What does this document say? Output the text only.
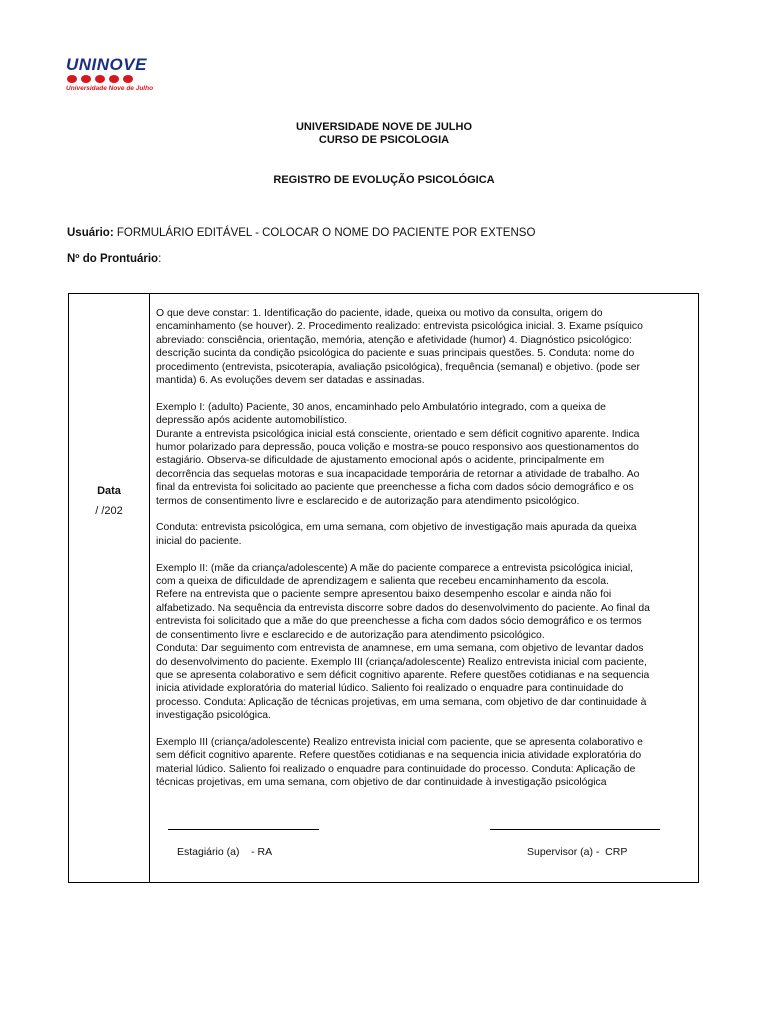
UNINOVE
Universidade Nove de Julho
UNIVERSIDADE NOVE DE JULHO
CURSO DE PSICOLOGIA
REGISTRO DE EVOLUÇÃO PSICOLÓGICA
Usuário: FORMULÁRIO EDITÁVEL - COLOCAR O NOME DO PACIENTE POR EXTENSO
Nº do Prontuário:
Data
/ /202

O que deve constar: 1. Identificação do paciente, idade, queixa ou motivo da consulta, origem do
encaminhamento (se houver). 2. Procedimento realizado: entrevista psicológica inicial. 3. Exame psíquico
abreviado: consciência, orientação, memória, atenção e afetividade (humor) 4. Diagnóstico psicológico:
descrição sucinta da condição psicológica do paciente e suas principais questões. 5. Conduta: nome do
procedimento (entrevista, psicoterapia, avaliação psicológica), frequência (semanal) e objetivo. (pode ser
mantida) 6. As evoluções devem ser datadas e assinadas.

Exemplo I: (adulto) Paciente, 30 anos, encaminhado pelo Ambulatório integrado, com a queixa de
depressão após acidente automobilístico.
Durante a entrevista psicológica inicial está consciente, orientado e sem déficit cognitivo aparente. Indica
humor polarizado para depressão, pouca volição e mostra-se pouco responsivo aos questionamentos do
estagiário. Observa-se dificuldade de ajustamento emocional após o acidente, principalmente em
decorrência das sequelas motoras e sua incapacidade temporária de retornar a atividade de trabalho. Ao
final da entrevista foi solicitado ao paciente que preenchesse a ficha com dados sócio demográfico e os
termos de consentimento livre e esclarecido e de autorização para atendimento psicológico.

Conduta: entrevista psicológica, em uma semana, com objetivo de investigação mais apurada da queixa
inicial do paciente.

Exemplo II: (mãe da criança/adolescente) A mãe do paciente comparece a entrevista psicológica inicial,
com a queixa de dificuldade de aprendizagem e salienta que recebeu encaminhamento da escola.
Refere na entrevista que o paciente sempre apresentou baixo desempenho escolar e ainda não foi
alfabetizado. Na sequência da entrevista discorre sobre dados do desenvolvimento do paciente. Ao final da
entrevista foi solicitado que a mãe do que preenchesse a ficha com dados sócio demográfico e os termos
de consentimento livre e esclarecido e de autorização para atendimento psicológico.
Conduta: Dar seguimento com entrevista de anamnese, em uma semana, com objetivo de levantar dados
do desenvolvimento do paciente. Exemplo III (criança/adolescente) Realizo entrevista inicial com paciente,
que se apresenta colaborativo e sem déficit cognitivo aparente. Refere questões cotidianas e na sequencia
inicia atividade exploratória do material lúdico. Saliento foi realizado o enquadre para continuidade do
processo. Conduta: Aplicação de técnicas projetivas, em uma semana, com objetivo de dar continuidade à
investigação psicológica.

Exemplo III (criança/adolescente) Realizo entrevista inicial com paciente, que se apresenta colaborativo e
sem déficit cognitivo aparente. Refere questões cotidianas e na sequencia inicia atividade exploratória do
material lúdico. Saliento foi realizado o enquadre para continuidade do processo. Conduta: Aplicação de
técnicas projetivas, em uma semana, com objetivo de dar continuidade à investigação psicológica

Estagiário (a)    - RA	Supervisor (a) -  CRP
